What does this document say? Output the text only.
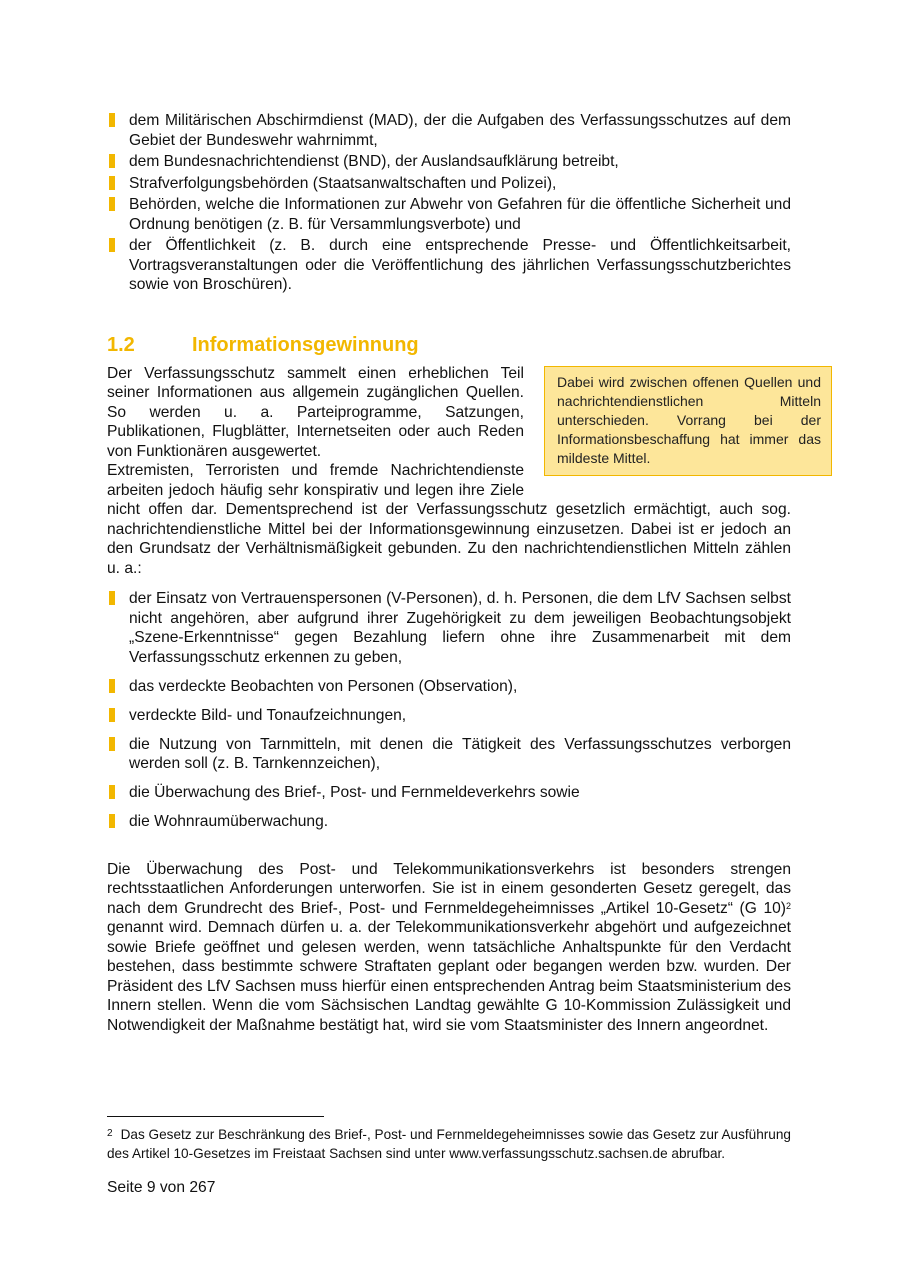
dem Militärischen Abschirmdienst (MAD), der die Aufgaben des Verfassungsschutzes auf dem Gebiet der Bundeswehr wahrnimmt,
dem Bundesnachrichtendienst (BND), der Auslandsaufklärung betreibt,
Strafverfolgungsbehörden (Staatsanwaltschaften und Polizei),
Behörden, welche die Informationen zur Abwehr von Gefahren für die öffentliche Sicherheit und Ordnung benötigen (z. B. für Versammlungsverbote) und
der Öffentlichkeit (z. B. durch eine entsprechende Presse- und Öffentlichkeitsarbeit, Vortragsveranstaltungen oder die Veröffentlichung des jährlichen Verfassungsschutzberichtes sowie von Broschüren).
1.2	Informationsgewinnung
Dabei wird zwischen offenen Quellen und nachrichtendienstlichen Mitteln unterschieden. Vorrang bei der Informationsbeschaffung hat immer das mildeste Mittel.

Der Verfassungsschutz sammelt einen erheblichen Teil seiner Informationen aus allgemein zugänglichen Quellen. So werden u. a. Parteiprogramme, Satzungen, Publikationen, Flugblätter, Internetseiten oder auch Reden von Funktionären ausgewertet.

Extremisten, Terroristen und fremde Nachrichtendienste arbeiten jedoch häufig sehr konspirativ und legen ihre Ziele nicht offen dar. Dementsprechend ist der Verfassungsschutz gesetzlich ermächtigt, auch sog. nachrichtendienstliche Mittel bei der Informationsgewinnung einzusetzen. Dabei ist er jedoch an den Grundsatz der Verhältnismäßigkeit gebunden. Zu den nachrichtendienstlichen Mitteln zählen u. a.:

der Einsatz von Vertrauenspersonen (V-Personen), d. h. Personen, die dem LfV Sachsen selbst nicht angehören, aber aufgrund ihrer Zugehörigkeit zu dem jeweiligen Beobachtungsobjekt „Szene-Erkenntnisse“ gegen Bezahlung liefern ohne ihre Zusammenarbeit mit dem Verfassungsschutz erkennen zu geben,
das verdeckte Beobachten von Personen (Observation),
verdeckte Bild- und Tonaufzeichnungen,
die Nutzung von Tarnmitteln, mit denen die Tätigkeit des Verfassungsschutzes verborgen werden soll (z. B. Tarnkennzeichen),
die Überwachung des Brief-, Post- und Fernmeldeverkehrs sowie
die Wohnraumüberwachung.

Die Überwachung des Post- und Telekommunikationsverkehrs ist besonders strengen rechtsstaatlichen Anforderungen unterworfen. Sie ist in einem gesonderten Gesetz geregelt, das nach dem Grundrecht des Brief-, Post- und Fernmeldegeheimnisses „Artikel 10-Gesetz“ (G 10)$^2$ genannt wird. Demnach dürfen u. a. der Telekommunikationsverkehr abgehört und aufgezeichnet sowie Briefe geöffnet und gelesen werden, wenn tatsächliche Anhaltspunkte für den Verdacht bestehen, dass bestimmte schwere Straftaten geplant oder begangen werden bzw. wurden. Der Präsident des LfV Sachsen muss hierfür einen entsprechenden Antrag beim Staatsministerium des Innern stellen. Wenn die vom Sächsischen Landtag gewählte G 10-Kommission Zulässigkeit und Notwendigkeit der Maßnahme bestätigt hat, wird sie vom Staatsminister des Innern angeordnet.

$^2$ Das Gesetz zur Beschränkung des Brief-, Post- und Fernmeldegeheimnisses sowie das Gesetz zur Ausführung des Artikel 10-Gesetzes im Freistaat Sachsen sind unter www.verfassungsschutz.sachsen.de abrufbar.
Seite 9 von 267
